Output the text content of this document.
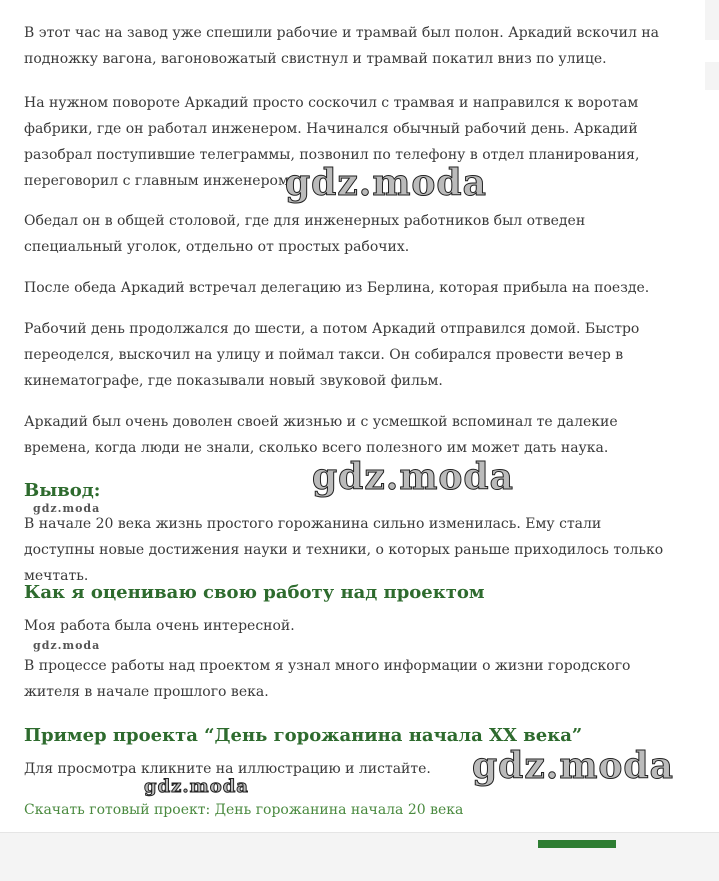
В этот час на завод уже спешили рабочие и трамвай был полон. Аркадий вскочил на подножку вагона, вагоновожатый свистнул и трамвай покатил вниз по улице.

На нужном повороте Аркадий просто соскочил с трамвая и направился к воротам фабрики, где он работал инженером. Начинался обычный рабочий день. Аркадий разобрал поступившие телеграммы, позвонил по телефону в отдел планирования, переговорил с главным инженером.

Обедал он в общей столовой, где для инженерных работников был отведен специальный уголок, отдельно от простых рабочих.

После обеда Аркадий встречал делегацию из Берлина, которая прибыла на поезде.

Рабочий день продолжался до шести, а потом Аркадий отправился домой. Быстро переоделся, выскочил на улицу и поймал такси. Он собирался провести вечер в кинематографе, где показывали новый звуковой фильм.

Аркадий был очень доволен своей жизнью и с усмешкой вспоминал те далекие времена, когда люди не знали, сколько всего полезного им может дать наука.

Вывод:

В начале 20 века жизнь простого горожанина сильно изменилась. Ему стали доступны новые достижения науки и техники, о которых раньше приходилось только мечтать.

Как я оцениваю свою работу над проектом

Моя работа была очень интересной.

В процессе работы над проектом я узнал много информации о жизни городского жителя в начале прошлого века.

Пример проекта “День горожанина начала XX века”

Для просмотра кликните на иллюстрацию и листайте.

Скачать готовый проект: День горожанина начала 20 века
gdz.moda
gdz.moda
gdz.moda
gdz.moda
gdz.moda
gdz.moda
